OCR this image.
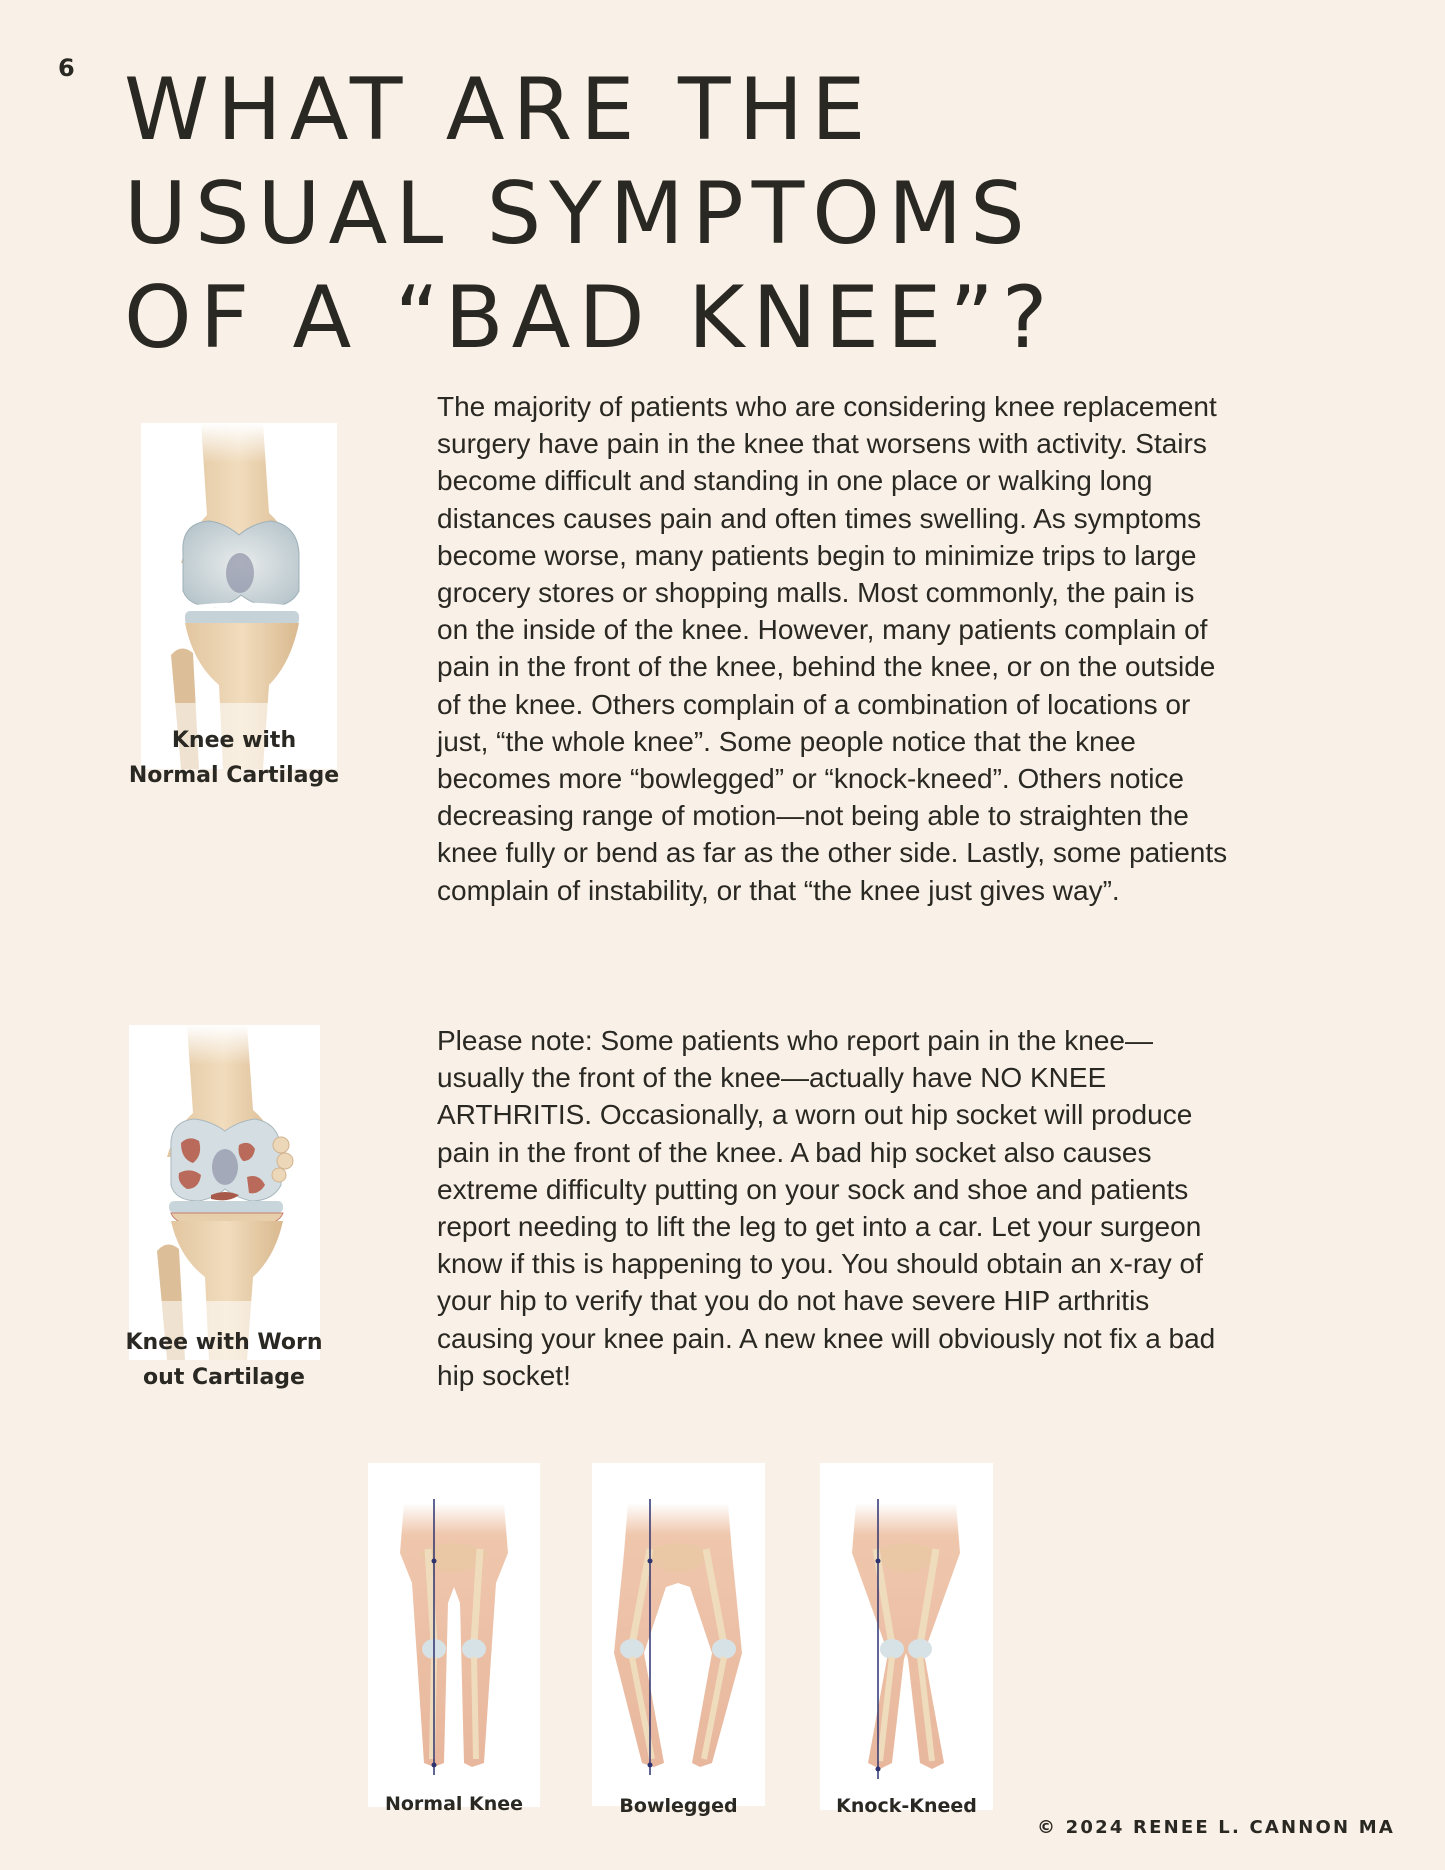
6 WHAT ARE THE
USUAL SYMPTOMS
OF A “BAD KNEE”?
Knee with
Normal Cartilage

The majority of patients who are considering knee replacement
surgery have pain in the knee that worsens with activity. Stairs
become difficult and standing in one place or walking long
distances causes pain and often times swelling. As symptoms
become worse, many patients begin to minimize trips to large
grocery stores or shopping malls. Most commonly, the pain is
on the inside of the knee. However, many patients complain of
pain in the front of the knee, behind the knee, or on the outside
of the knee. Others complain of a combination of locations or
just, “the whole knee”. Some people notice that the knee
becomes more “bowlegged” or “knock-kneed”. Others notice
decreasing range of motion—not being able to straighten the
knee fully or bend as far as the other side. Lastly, some patients
complain of instability, or that “the knee just gives way”.

Knee with Worn
out Cartilage

Please note: Some patients who report pain in the knee—
usually the front of the knee—actually have NO KNEE
ARTHRITIS. Occasionally, a worn out hip socket will produce
pain in the front of the knee. A bad hip socket also causes
extreme difficulty putting on your sock and shoe and patients
report needing to lift the leg to get into a car. Let your surgeon
know if this is happening to you. You should obtain an x-ray of
your hip to verify that you do not have severe HIP arthritis
causing your knee pain. A new knee will obviously not fix a bad
hip socket!

Normal Knee	Bowlegged	Knock-Kneed
© 2024 RENEE L. CANNON MA
